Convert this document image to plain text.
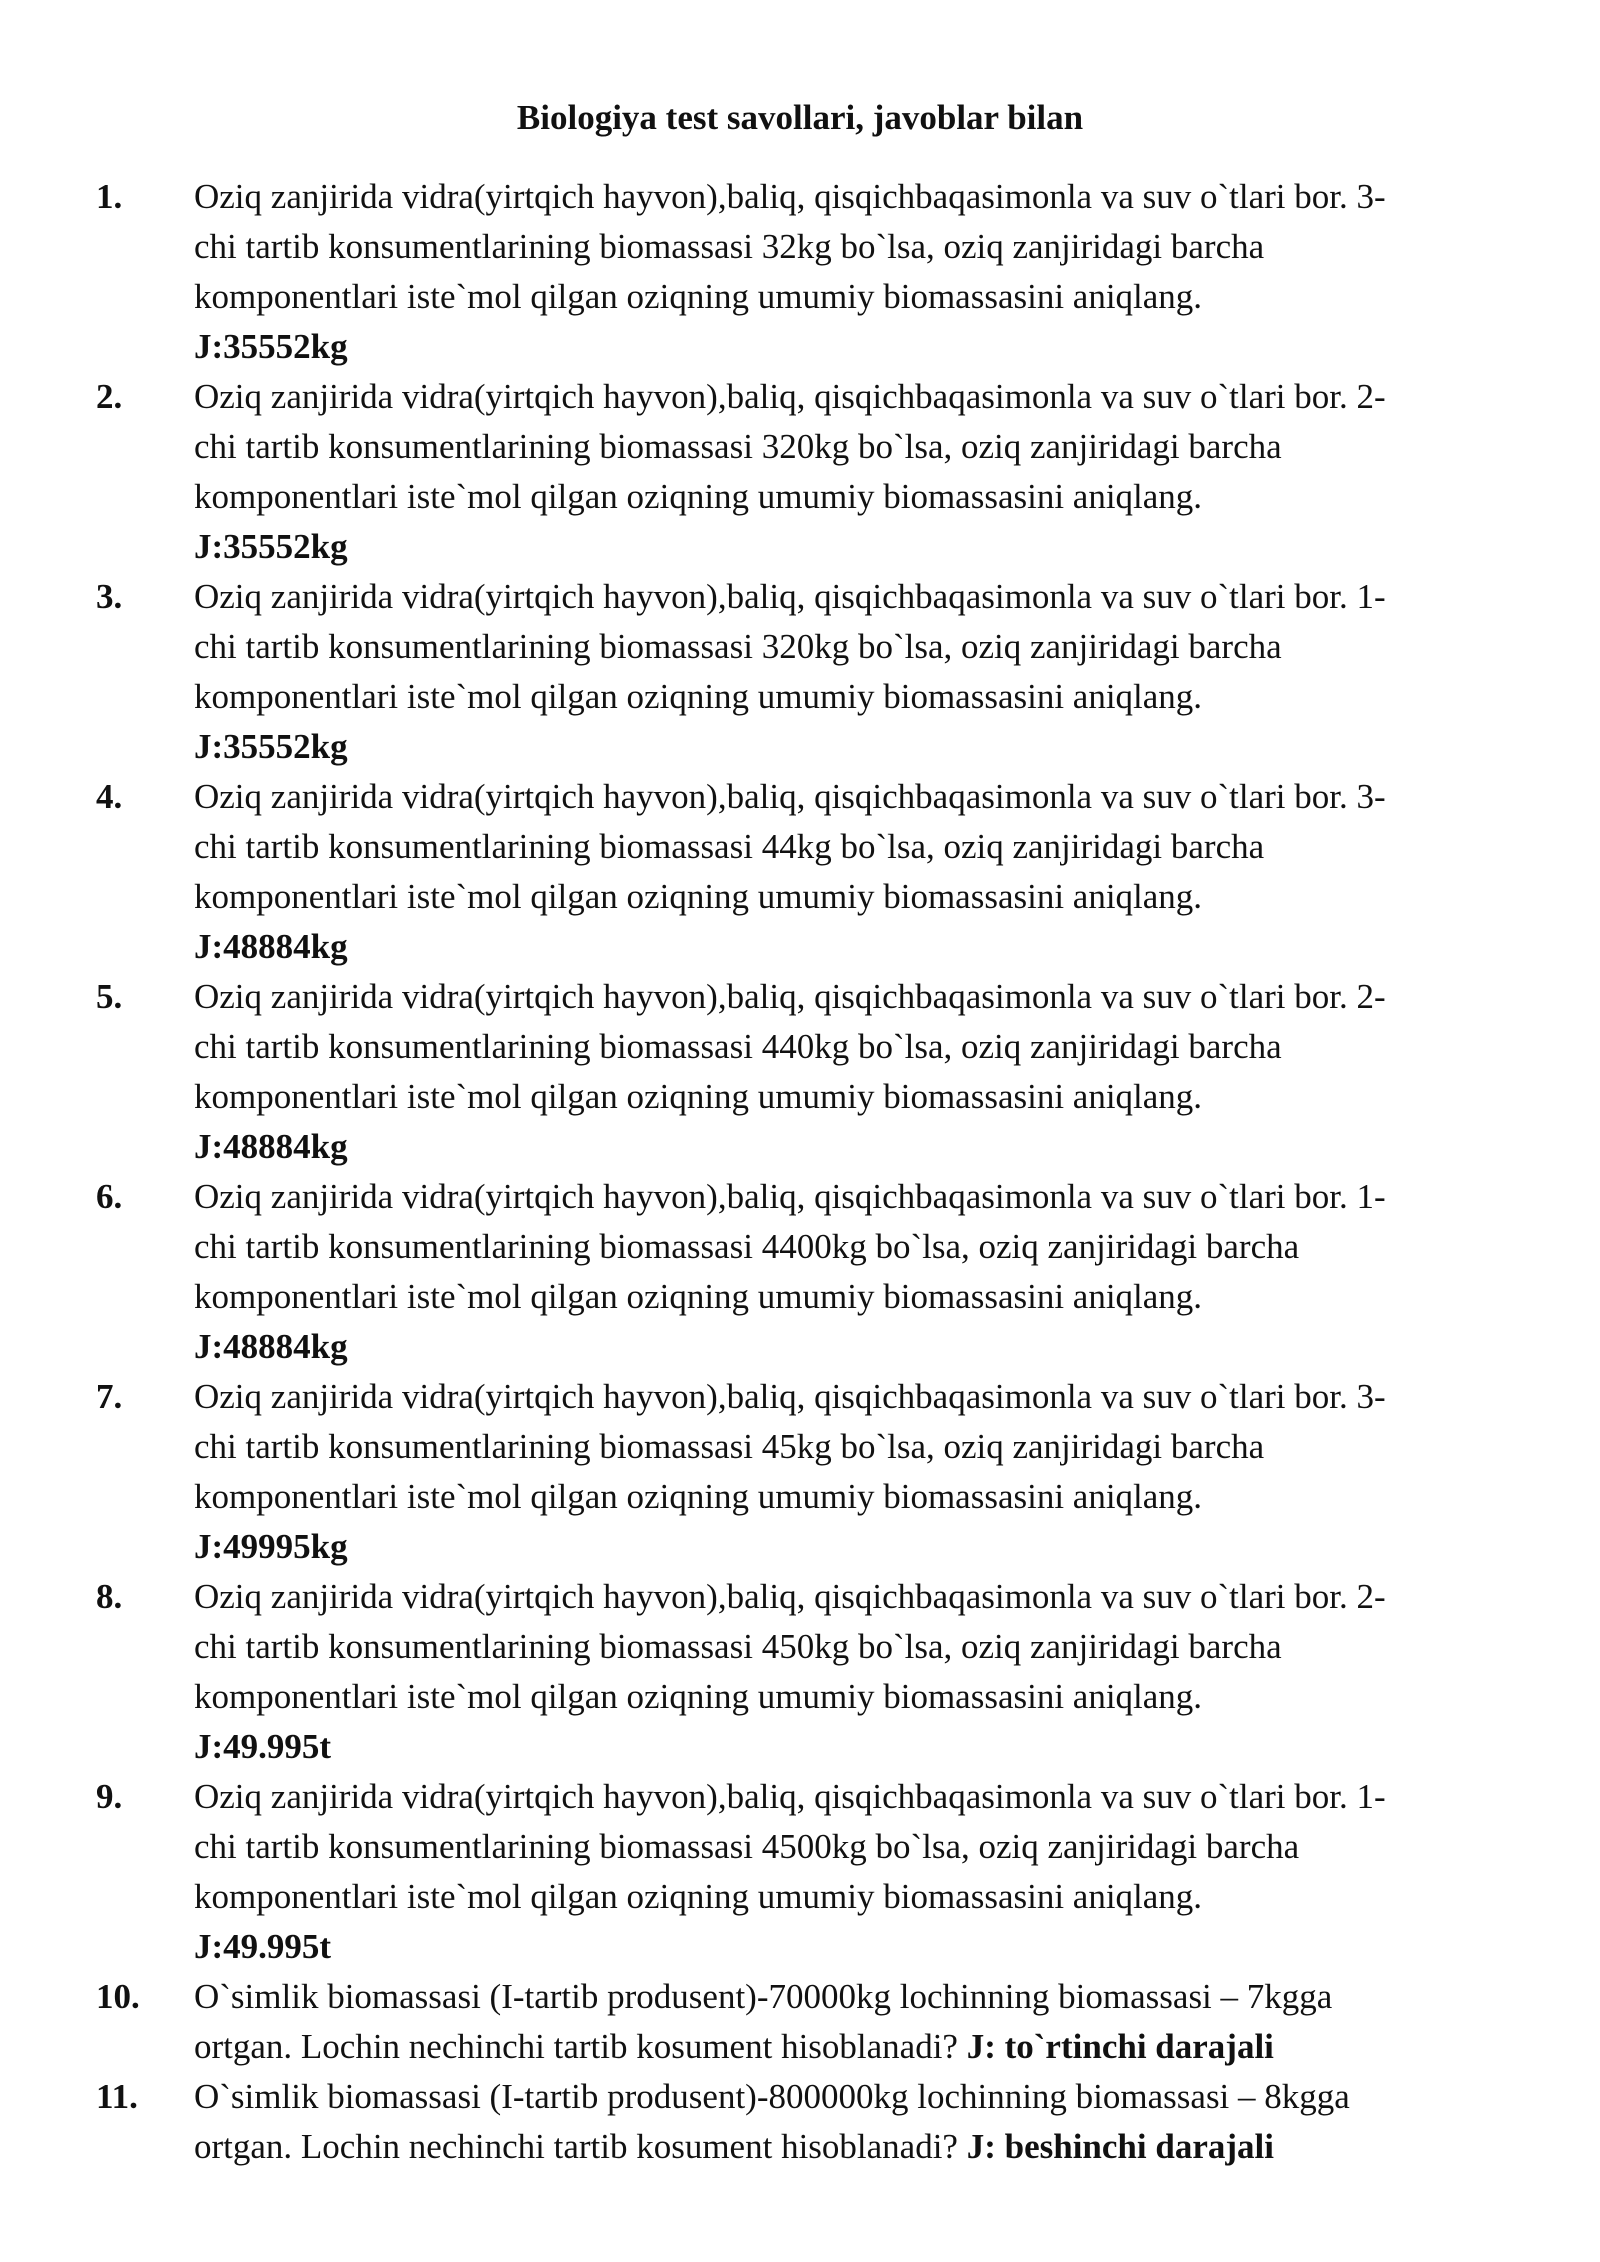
Biologiya test savollari, javoblar bilan
1. Oziq zanjirida vidra(yirtqich hayvon),baliq, qisqichbaqasimonla va suv o`tlari bor. 3-
chi tartib konsumentlarining biomassasi 32kg bo`lsa, oziq zanjiridagi barcha
komponentlari iste`mol qilgan oziqning umumiy biomassasini aniqlang.
J:35552kg
2. Oziq zanjirida vidra(yirtqich hayvon),baliq, qisqichbaqasimonla va suv o`tlari bor. 2-
chi tartib konsumentlarining biomassasi 320kg bo`lsa, oziq zanjiridagi barcha
komponentlari iste`mol qilgan oziqning umumiy biomassasini aniqlang.
J:35552kg
3. Oziq zanjirida vidra(yirtqich hayvon),baliq, qisqichbaqasimonla va suv o`tlari bor. 1-
chi tartib konsumentlarining biomassasi 320kg bo`lsa, oziq zanjiridagi barcha
komponentlari iste`mol qilgan oziqning umumiy biomassasini aniqlang.
J:35552kg
4. Oziq zanjirida vidra(yirtqich hayvon),baliq, qisqichbaqasimonla va suv o`tlari bor. 3-
chi tartib konsumentlarining biomassasi 44kg bo`lsa, oziq zanjiridagi barcha
komponentlari iste`mol qilgan oziqning umumiy biomassasini aniqlang.
J:48884kg
5. Oziq zanjirida vidra(yirtqich hayvon),baliq, qisqichbaqasimonla va suv o`tlari bor. 2-
chi tartib konsumentlarining biomassasi 440kg bo`lsa, oziq zanjiridagi barcha
komponentlari iste`mol qilgan oziqning umumiy biomassasini aniqlang.
J:48884kg
6. Oziq zanjirida vidra(yirtqich hayvon),baliq, qisqichbaqasimonla va suv o`tlari bor. 1-
chi tartib konsumentlarining biomassasi 4400kg bo`lsa, oziq zanjiridagi barcha
komponentlari iste`mol qilgan oziqning umumiy biomassasini aniqlang.
J:48884kg
7. Oziq zanjirida vidra(yirtqich hayvon),baliq, qisqichbaqasimonla va suv o`tlari bor. 3-
chi tartib konsumentlarining biomassasi 45kg bo`lsa, oziq zanjiridagi barcha
komponentlari iste`mol qilgan oziqning umumiy biomassasini aniqlang.
J:49995kg
8. Oziq zanjirida vidra(yirtqich hayvon),baliq, qisqichbaqasimonla va suv o`tlari bor. 2-
chi tartib konsumentlarining biomassasi 450kg bo`lsa, oziq zanjiridagi barcha
komponentlari iste`mol qilgan oziqning umumiy biomassasini aniqlang.
J:49.995t
9. Oziq zanjirida vidra(yirtqich hayvon),baliq, qisqichbaqasimonla va suv o`tlari bor. 1-
chi tartib konsumentlarining biomassasi 4500kg bo`lsa, oziq zanjiridagi barcha
komponentlari iste`mol qilgan oziqning umumiy biomassasini aniqlang.
J:49.995t
10. O`simlik biomassasi (I-tartib produsent)-70000kg lochinning biomassasi – 7kgga
ortgan. Lochin nechinchi tartib kosument hisoblanadi? J: to`rtinchi darajali
11. O`simlik biomassasi (I-tartib produsent)-800000kg lochinning biomassasi – 8kgga
ortgan. Lochin nechinchi tartib kosument hisoblanadi? J: beshinchi darajali
